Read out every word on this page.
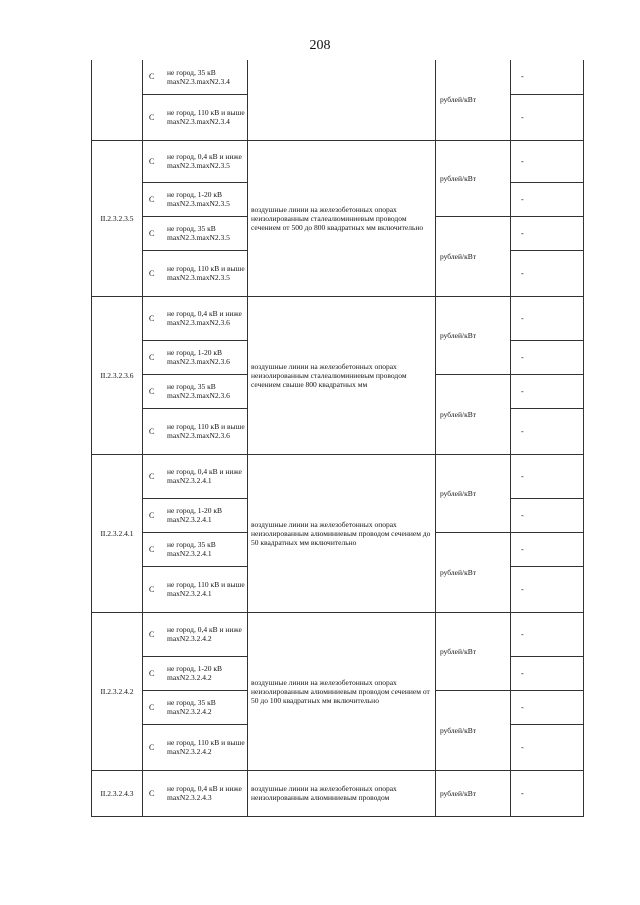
208

	С не город, 35 кВ maxN2.3.maxN2.3.4		рублей/кВт	-

	С не город, 110 кВ и выше maxN2.3.maxN2.3.4			-

II.2.3.2.3.5	С не город, 0,4 кВ и ниже maxN2.3.maxN2.3.5	воздушные линии на железобетонных опорах неизолированным сталеалюминиевым проводом сечением от 500 до 800 квадратных мм включительно	рублей/кВт	-

	С не город, 1-20 кВ maxN2.3.maxN2.3.5			-

	С не город, 35 кВ maxN2.3.maxN2.3.5		рублей/кВт	-

	С не город, 110 кВ и выше maxN2.3.maxN2.3.5			-

II.2.3.2.3.6	С не город, 0,4 кВ и ниже maxN2.3.maxN2.3.6	воздушные линии на железобетонных опорах неизолированным сталеалюминиевым проводом сечением свыше 800 квадратных мм	рублей/кВт	-

	С не город, 1-20 кВ maxN2.3.maxN2.3.6			-

	С не город, 35 кВ maxN2.3.maxN2.3.6		рублей/кВт	-

	С не город, 110 кВ и выше maxN2.3.maxN2.3.6			-

II.2.3.2.4.1	С не город, 0,4 кВ и ниже maxN2.3.2.4.1	воздушные линии на железобетонных опорах неизолированным алюминиевым проводом сечением до 50 квадратных мм включительно	рублей/кВт	-

	С не город, 1-20 кВ maxN2.3.2.4.1			-

	С не город, 35 кВ maxN2.3.2.4.1		рублей/кВт	-

	С не город, 110 кВ и выше maxN2.3.2.4.1			-

II.2.3.2.4.2	С не город, 0,4 кВ и ниже maxN2.3.2.4.2	воздушные линии на железобетонных опорах неизолированным алюминиевым проводом сечением от 50 до 100 квадратных мм включительно	рублей/кВт	-

	С не город, 1-20 кВ maxN2.3.2.4.2			-

	С не город, 35 кВ maxN2.3.2.4.2		рублей/кВт	-

	С не город, 110 кВ и выше maxN2.3.2.4.2			-

II.2.3.2.4.3	С не город, 0,4 кВ и ниже maxN2.3.2.4.3	воздушные линии на железобетонных опорах неизолированным алюминиевым проводом	рублей/кВт	-
